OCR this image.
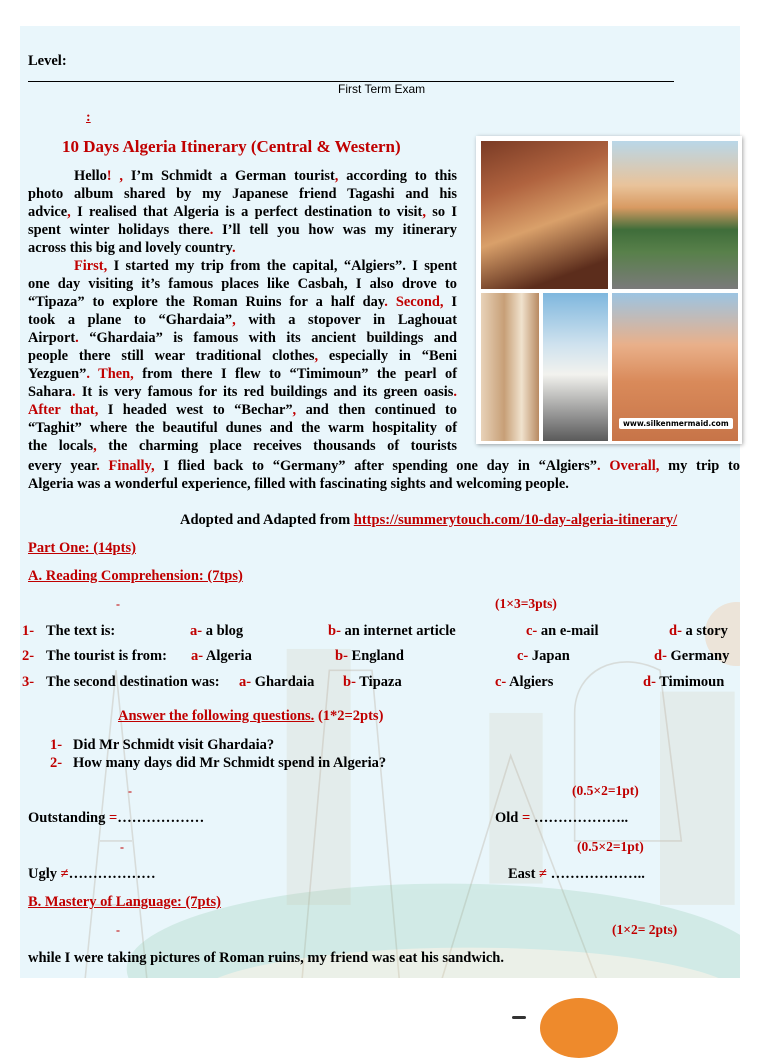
Level:
First Term Exam
:
10 Days Algeria Itinerary (Central & Western)
Hello! , I’m Schmidt a German tourist, according to this
photo album shared by my Japanese friend Tagashi and his
advice, I realised that Algeria is a perfect destination to visit, so I
spent winter holidays there. I’ll tell you how was my itinerary
across this big and lovely country.
First, I started my trip from the capital, “Algiers”. I spent
one day visiting it’s famous places like Casbah, I also drove to
“Tipaza” to explore the Roman Ruins for a half day. Second, I
took a plane to “Ghardaia”, with a stopover in Laghouat
Airport. “Ghardaia” is famous with its ancient buildings and
people there still wear traditional clothes, especially in “Beni
Yezguen”. Then, from there I flew to “Timimoun” the pearl of
Sahara. It is very famous for its red buildings and its green oasis.
After that, I headed west to “Bechar”, and then continued to
“Taghit” where the beautiful dunes and the warm hospitality of
the locals, the charming place receives thousands of tourists
every year. Finally, I flied back to “Germany” after spending one day in “Algiers”. Overall, my trip to
Algeria was a wonderful experience, filled with fascinating sights and welcoming people.
www.silkenmermaid.com
Adopted and Adapted from https://summerytouch.com/10-day-algeria-itinerary/
Part One: (14pts)
A. Reading Comprehension: (7tps)
-	(1×3=3pts)
1- The text is:	a- a blog	b- an internet article	c- an e-mail	d- a story
2- The tourist is from: a- Algeria	b- England	c- Japan	d- Germany
3- The second destination was: a- Ghardaia b- Tipaza	c- Algiers	d- Timimoun
Answer the following questions. (1*2=2pts)
1- Did Mr Schmidt visit Ghardaia?
2- How many days did Mr Schmidt spend in Algeria?
-	(0.5×2=1pt)
Outstanding =………………	Old = ………………..
-	(0.5×2=1pt)
Ugly ≠………………	East ≠ ………………..
B. Mastery of Language: (7pts)
-	(1×2= 2pts)
while I were taking pictures of Roman ruins, my friend was eat his sandwich.
